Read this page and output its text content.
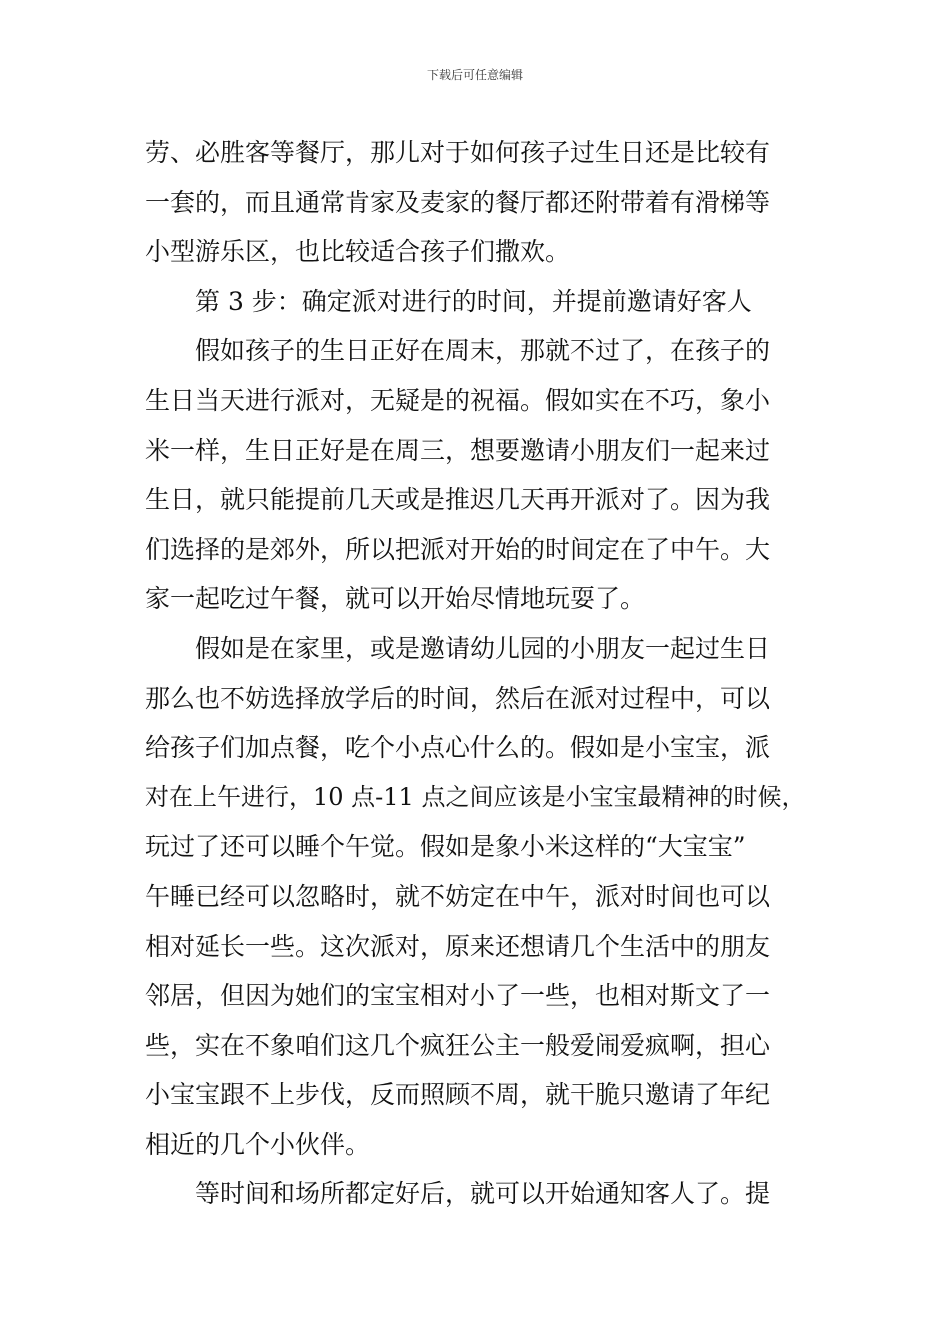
下载后可任意编辑
劳、必胜客等餐厅，那儿对于如何孩子过生日还是比较有
一套的，而且通常肯家及麦家的餐厅都还附带着有滑梯等
小型游乐区，也比较适合孩子们撒欢。
第 3 步：确定派对进行的时间，并提前邀请好客人
假如孩子的生日正好在周末，那就不过了，在孩子的
生日当天进行派对，无疑是的祝福。假如实在不巧，象小
米一样，生日正好是在周三，想要邀请小朋友们一起来过
生日，就只能提前几天或是推迟几天再开派对了。因为我
们选择的是郊外，所以把派对开始的时间定在了中午。大
家一起吃过午餐，就可以开始尽情地玩耍了。
假如是在家里，或是邀请幼儿园的小朋友一起过生日
那么也不妨选择放学后的时间，然后在派对过程中，可以
给孩子们加点餐，吃个小点心什么的。假如是小宝宝，派
对在上午进行，10 点-11 点之间应该是小宝宝最精神的时候，
玩过了还可以睡个午觉。假如是象小米这样的“大宝宝”
午睡已经可以忽略时，就不妨定在中午，派对时间也可以
相对延长一些。这次派对，原来还想请几个生活中的朋友
邻居，但因为她们的宝宝相对小了一些，也相对斯文了一
些，实在不象咱们这几个疯狂公主一般爱闹爱疯啊，担心
小宝宝跟不上步伐，反而照顾不周，就干脆只邀请了年纪
相近的几个小伙伴。
等时间和场所都定好后，就可以开始通知客人了。提
